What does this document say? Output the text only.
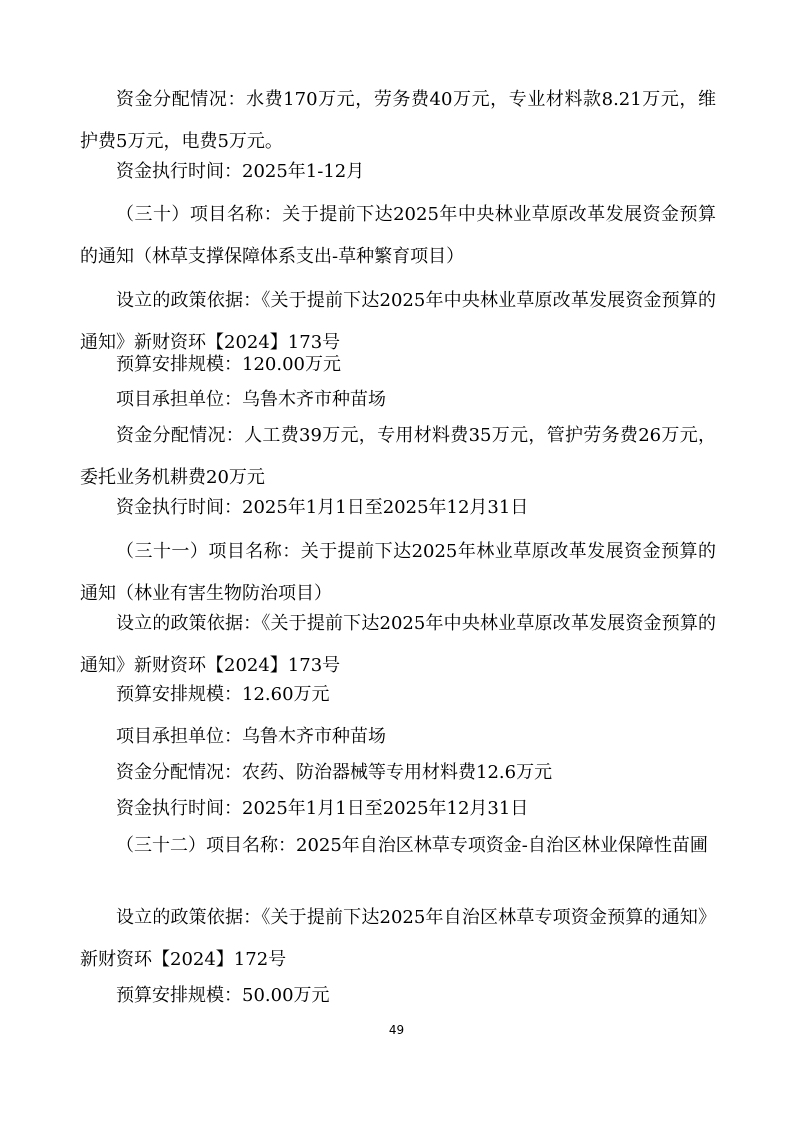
资金分配情况：水费170万元，劳务费40万元，专业材料款8.21万元，维护费5万元，电费5万元。

资金执行时间：2025年1-12月

（三十）项目名称：关于提前下达2025年中央林业草原改革发展资金预算的通知（林草支撑保障体系支出-草种繁育项目）

设立的政策依据：《关于提前下达2025年中央林业草原改革发展资金预算的通知》新财资环【2024】173号

预算安排规模：120.00万元

项目承担单位：乌鲁木齐市种苗场

资金分配情况：人工费39万元，专用材料费35万元，管护劳务费26万元，委托业务机耕费20万元

资金执行时间：2025年1月1日至2025年12月31日

（三十一）项目名称：关于提前下达2025年林业草原改革发展资金预算的通知（林业有害生物防治项目）

设立的政策依据：《关于提前下达2025年中央林业草原改革发展资金预算的通知》新财资环【2024】173号

预算安排规模：12.60万元

项目承担单位：乌鲁木齐市种苗场

资金分配情况：农药、防治器械等专用材料费12.6万元

资金执行时间：2025年1月1日至2025年12月31日

（三十二）项目名称：2025年自治区林草专项资金-自治区林业保障性苗圃

设立的政策依据：《关于提前下达2025年自治区林草专项资金预算的通知》新财资环【2024】172号

预算安排规模：50.00万元

49
